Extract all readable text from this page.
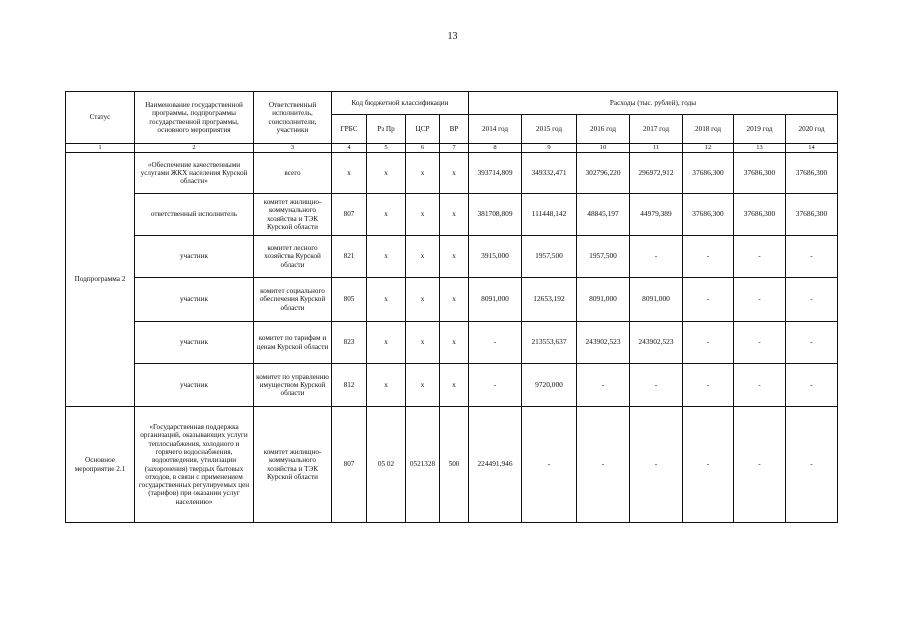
13
Статус	Наименование государственной программы, подпрограммы государственной программы, основного мероприятия	Ответственный исполнитель, соисполнители, участники	Код бюджетной классификации				Расходы (тыс. рублей), годы						
			ГРБС	Рз Пр	ЦСР	ВР	2014 год	2015 год	2016 год	2017 год	2018 год	2019 год	2020 год
1	2	3	4	5	6	7	8	9	10	11	12	13	14
Подпрограмма 2	«Обеспечение качественными услугами ЖКХ населения Курской области»	всего	х	х	х	х	393714,809	349332,471	302796,220	296972,912	37686,300	37686,300	37686,300
	ответственный исполнитель	комитет жилищно-коммунального хозяйства и ТЭК Курской области	807	х	х	х	381708,809	111448,142	48845,197	44979,389	37686,300	37686,300	37686,300
	участник	комитет лесного хозяйства Курской области	821	х	х	х	3915,000	1957,500	1957,500	-	-	-	-
	участник	комитет социального обеспечения Курской области	805	х	х	х	8091,000	12653,192	8091,000	8091,000	-	-	-
	участник	комитет по тарифам и ценам Курской области	823	х	х	х	-	213553,637	243902,523	243902,523	-	-	-
	участник	комитет по управлению имуществом Курской области	812	х	х	х	-	9720,000	-	-	-	-	-
Основное мероприятие 2.1	«Государственная поддержка организаций, оказывающих услуги теплоснабжения, холодного и горячего водоснабжения, водоотведения, утилизации (захоронения) твердых бытовых отходов, в связи с применением государственных регулируемых цен (тарифов) при оказании услуг населению»	комитет жилищно-коммунального хозяйства и ТЭК Курской области	807	05 02	0521328	500	224491,946	-	-	-	-	-	-
